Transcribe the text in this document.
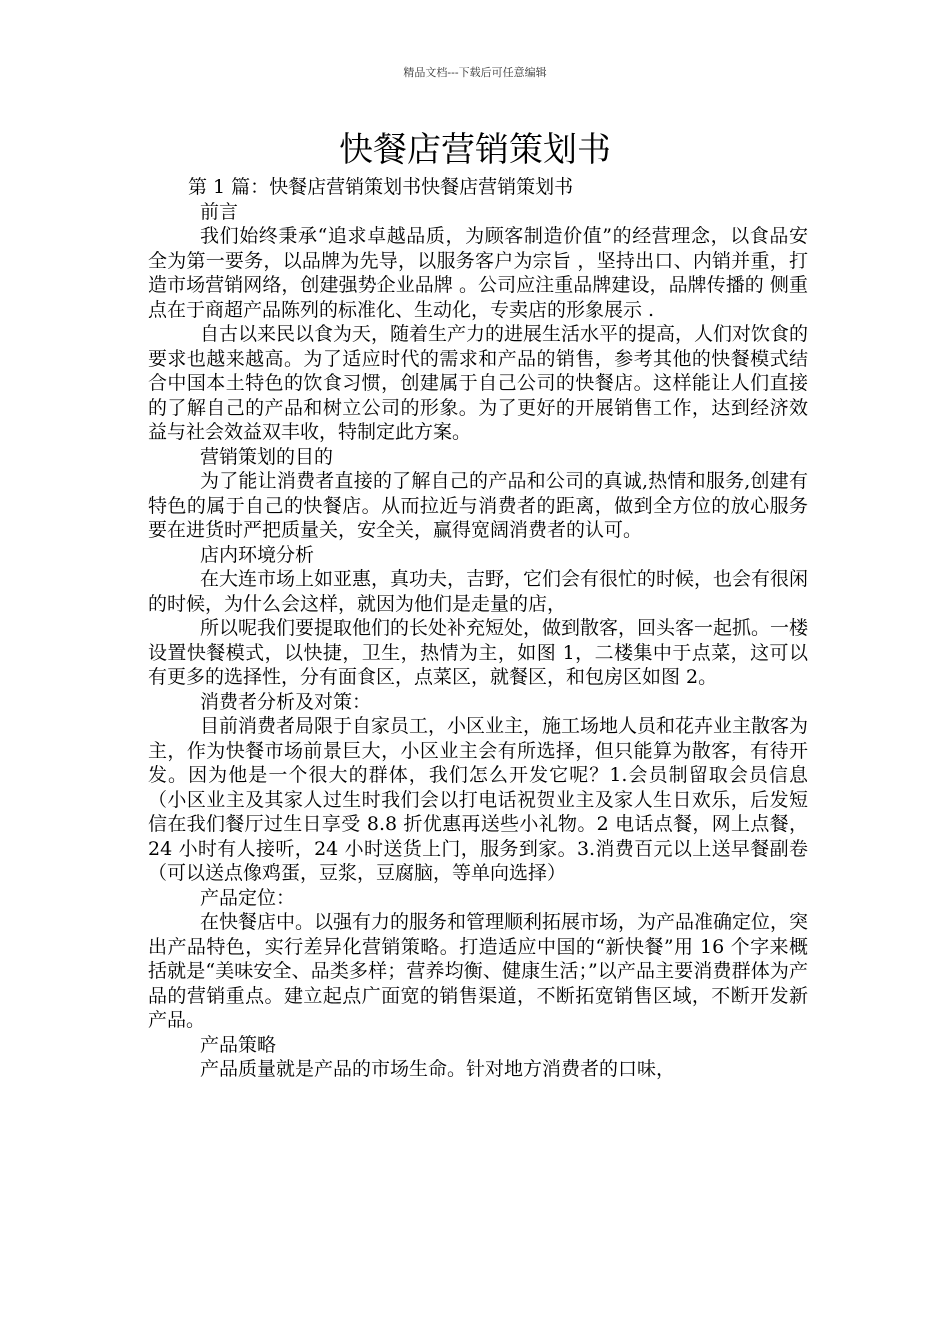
精品文档---下载后可任意编辑
快餐店营销策划书

第 1 篇：快餐店营销策划书快餐店营销策划书

前言

我们始终秉承“追求卓越品质，为顾客制造价值”的经营理念，以食品安全为第一要务，以品牌为先导，以服务客户为宗旨 ，坚持出口、内销并重，打造市场营销网络，创建强势企业品牌 。公司应注重品牌建设，品牌传播的 侧重点在于商超产品陈列的标准化、生动化，专卖店的形象展示 .

自古以来民以食为天，随着生产力的进展生活水平的提高，人们对饮食的要求也越来越高。为了适应时代的需求和产品的销售，参考其他的快餐模式结合中国本土特色的饮食习惯，创建属于自己公司的快餐店。这样能让人们直接的了解自己的产品和树立公司的形象。为了更好的开展销售工作，达到经济效益与社会效益双丰收，特制定此方案。

营销策划的目的

为了能让消费者直接的了解自己的产品和公司的真诚,热情和服务,创建有特色的属于自己的快餐店。从而拉近与消费者的距离，做到全方位的放心服务要在进货时严把质量关，安全关，赢得宽阔消费者的认可。

店内环境分析

在大连市场上如亚惠，真功夫，吉野，它们会有很忙的时候，也会有很闲的时候，为什么会这样，就因为他们是走量的店，

所以呢我们要提取他们的长处补充短处，做到散客，回头客一起抓。一楼设置快餐模式，以快捷，卫生，热情为主，如图 1，二楼集中于点菜，这可以有更多的选择性，分有面食区，点菜区，就餐区，和包房区如图 2。

消费者分析及对策：

目前消费者局限于自家员工，小区业主，施工场地人员和花卉业主散客为主，作为快餐市场前景巨大，小区业主会有所选择，但只能算为散客，有待开发。因为他是一个很大的群体，我们怎么开发它呢？1.会员制留取会员信息（小区业主及其家人过生时我们会以打电话祝贺业主及家人生日欢乐，后发短信在我们餐厅过生日享受 8.8 折优惠再送些小礼物。2 电话点餐，网上点餐，24 小时有人接听，24 小时送货上门，服务到家。3.消费百元以上送早餐副卷（可以送点像鸡蛋，豆浆，豆腐脑，等单向选择）

产品定位：

在快餐店中。以强有力的服务和管理顺利拓展市场，为产品准确定位，突出产品特色，实行差异化营销策略。打造适应中国的“新快餐”用 16 个字来概括就是“美味安全、品类多样；营养均衡、健康生活；”以产品主要消费群体为产品的营销重点。建立起点广面宽的销售渠道，不断拓宽销售区域，不断开发新产品。

产品策略

产品质量就是产品的市场生命。针对地方消费者的口味，
